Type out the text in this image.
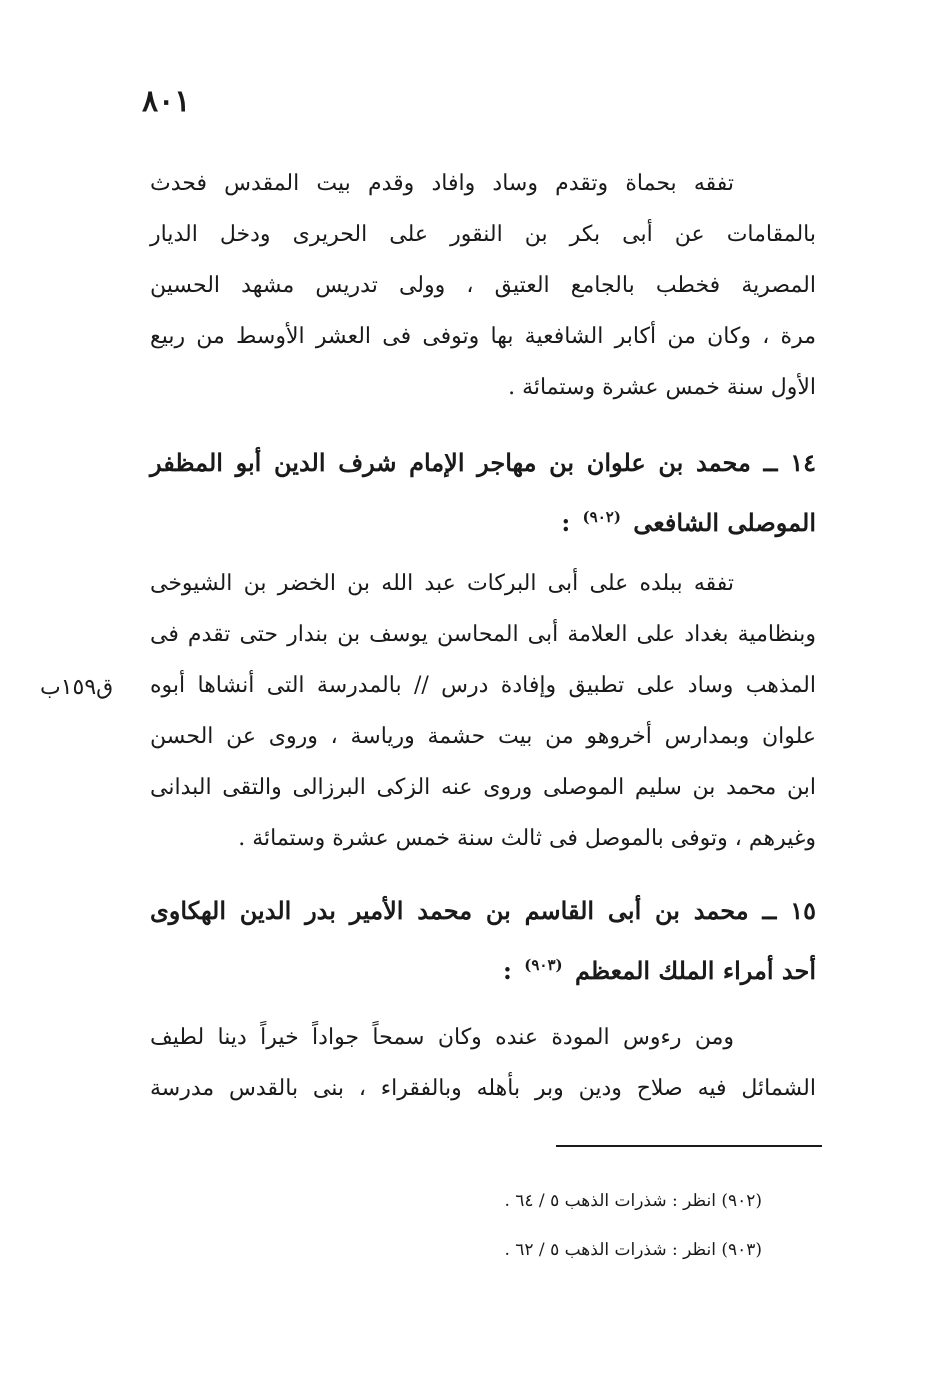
٨٠١

تفقه بحماة وتقدم وساد وافاد وقدم بيت المقدس فحدث
بالمقامات عن أبى بكر بن النقور على الحريرى ودخل الديار
المصرية فخطب بالجامع العتيق ، وولى تدريس مشهد الحسين
مرة ، وكان من أكابر الشافعية بها وتوفى فى العشر الأوسط من ربيع
الأول سنة خمس عشرة وستمائة .

١٤ ــ محمد بن علوان بن مهاجر الإمام شرف الدين أبو المظفر
الموصلى الشافعى $^{(٩٠٢)}$ :

تفقه ببلده على أبى البركات عبد الله بن الخضر بن الشيوخى
وبنظامية بغداد على العلامة أبى المحاسن يوسف بن بندار حتى تقدم فى
المذهب وساد على تطبيق وإفادة درس // بالمدرسة التى أنشاها أبوه
علوان وبمدارس أخروهو من بيت حشمة ورياسة ، وروى عن الحسن
ابن محمد بن سليم الموصلى وروى عنه الزكى البرزالى والتقى البدانى
وغيرهم ، وتوفى بالموصل فى ثالث سنة خمس عشرة وستمائة .

ق١٥٩ب
١٥ ــ محمد بن أبى القاسم بن محمد الأمير بدر الدين الهكاوى
أحد أمراء الملك المعظم $^{(٩٠٣)}$ :

ومن رءوس المودة عنده وكان سمحاً جواداً خيراً دينا لطيف
الشمائل فيه صلاح ودين وبر بأهله وبالفقراء ، بنى بالقدس مدرسة

(٩٠٢) انظر : شذرات الذهب ٥ / ٦٤ .
(٩٠٣) انظر : شذرات الذهب ٥ / ٦٢ .
